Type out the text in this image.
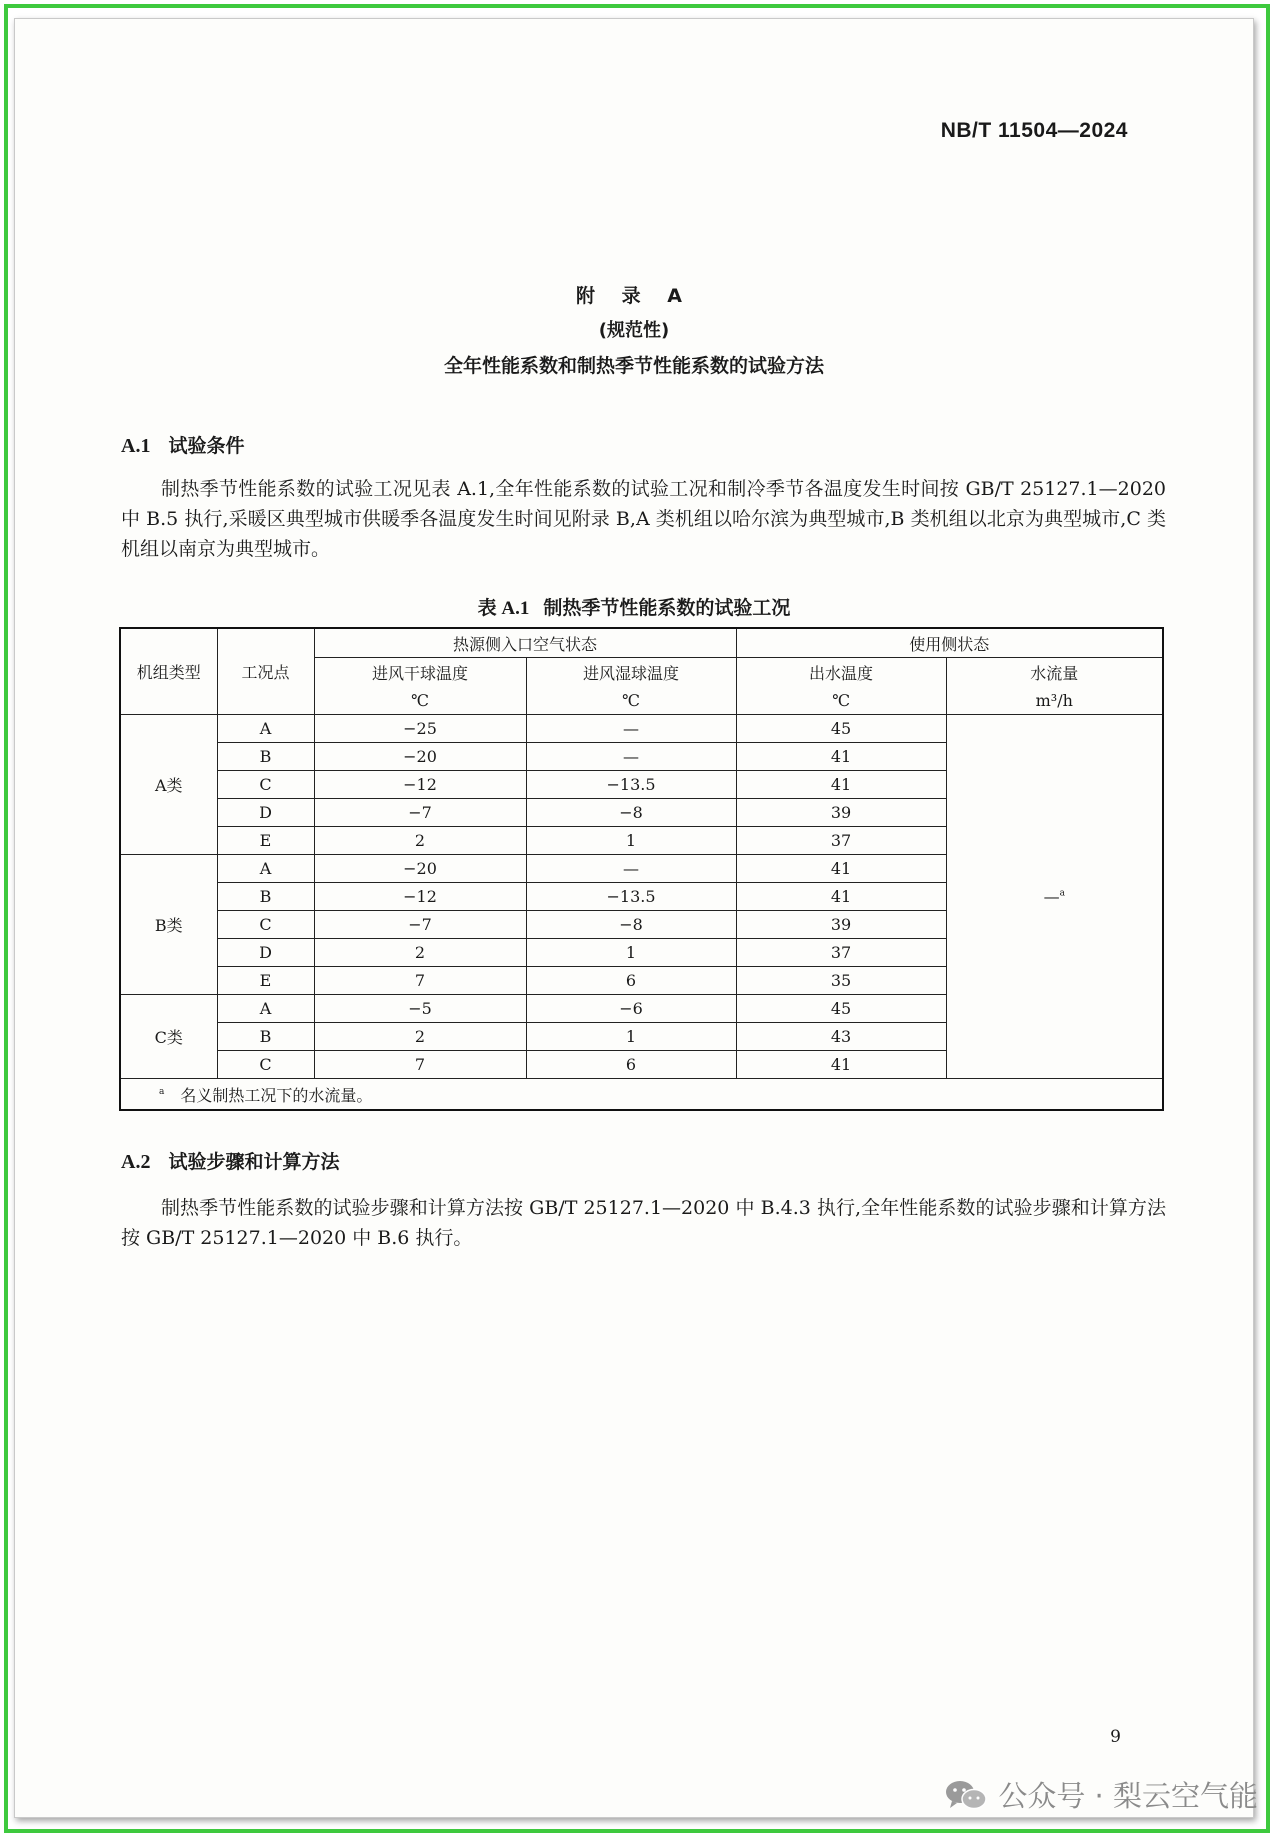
NB/T 11504—2024
附 录 A
(规范性)
全年性能系数和制热季节性能系数的试验方法
A.1 试验条件
制热季节性能系数的试验工况见表 A.1,全年性能系数的试验工况和制冷季节各温度发生时间按 GB/T 25127.1—2020 中 B.5 执行,采暖区典型城市供暖季各温度发生时间见附录 B,A 类机组以哈尔滨为典型城市,B 类机组以北京为典型城市,C 类机组以南京为典型城市。
表 A.1 制热季节性能系数的试验工况
机组类型	工况点	热源侧入口空气状态		使用侧状态	
		进风干球温度	进风湿球温度	出水温度	水流量
		℃	℃	℃	m³/h
A类	A	−25	—	45	—$^a$
	B	−20	—	41	
	C	−12	−13.5	41	
	D	−7	−8	39	
	E	2	1	37	
B类	A	−20	—	41	
	B	−12	−13.5	41	
	C	−7	−8	39	
	D	2	1	37	
	E	7	6	35	
C类	A	−5	−6	45	
	B	2	1	43	
	C	7	6	41	
$^a$ 名义制热工况下的水流量。					
A.2 试验步骤和计算方法
制热季节性能系数的试验步骤和计算方法按 GB/T 25127.1—2020 中 B.4.3 执行,全年性能系数的试验步骤和计算方法按 GB/T 25127.1—2020 中 B.6 执行。
9
公众号 · 梨云空气能
